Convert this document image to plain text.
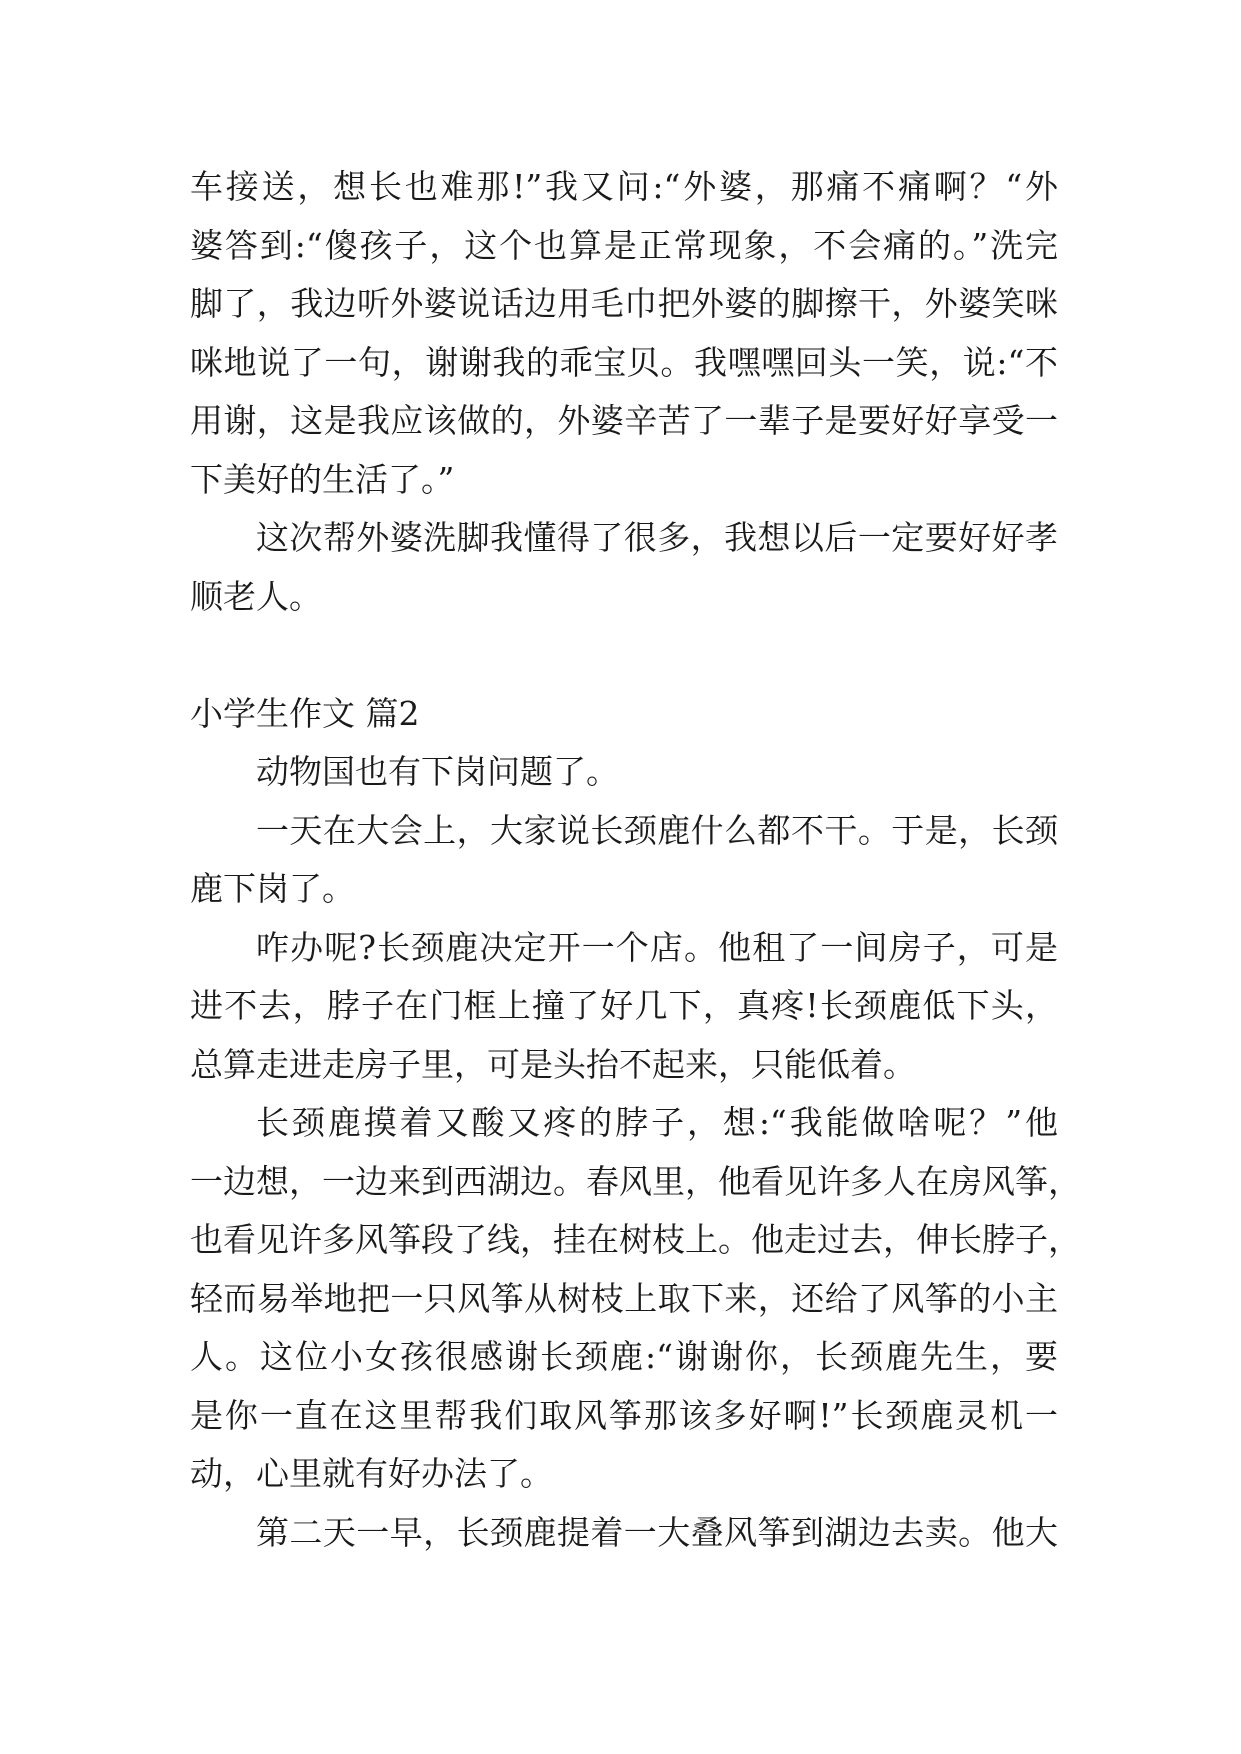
车接送，想长也难那!”我又问:“外婆，那痛不痛啊？“外
婆答到:“傻孩子，这个也算是正常现象，不会痛的。”洗完
脚了，我边听外婆说话边用毛巾把外婆的脚擦干，外婆笑咪
咪地说了一句，谢谢我的乖宝贝。我嘿嘿回头一笑，说:“不
用谢，这是我应该做的，外婆辛苦了一辈子是要好好享受一
下美好的生活了。”
这次帮外婆洗脚我懂得了很多，我想以后一定要好好孝
顺老人。
小学生作文 篇2
动物国也有下岗问题了。
一天在大会上，大家说长颈鹿什么都不干。于是，长颈
鹿下岗了。
咋办呢?长颈鹿决定开一个店。他租了一间房子，可是
进不去，脖子在门框上撞了好几下，真疼!长颈鹿低下头，
总算走进走房子里，可是头抬不起来，只能低着。
长颈鹿摸着又酸又疼的脖子，想:“我能做啥呢？”他
一边想，一边来到西湖边。春风里，他看见许多人在房风筝，
也看见许多风筝段了线，挂在树枝上。他走过去，伸长脖子，
轻而易举地把一只风筝从树枝上取下来，还给了风筝的小主
人。这位小女孩很感谢长颈鹿:“谢谢你，长颈鹿先生，要
是你一直在这里帮我们取风筝那该多好啊!”长颈鹿灵机一
动，心里就有好办法了。
第二天一早，长颈鹿提着一大叠风筝到湖边去卖。他大
